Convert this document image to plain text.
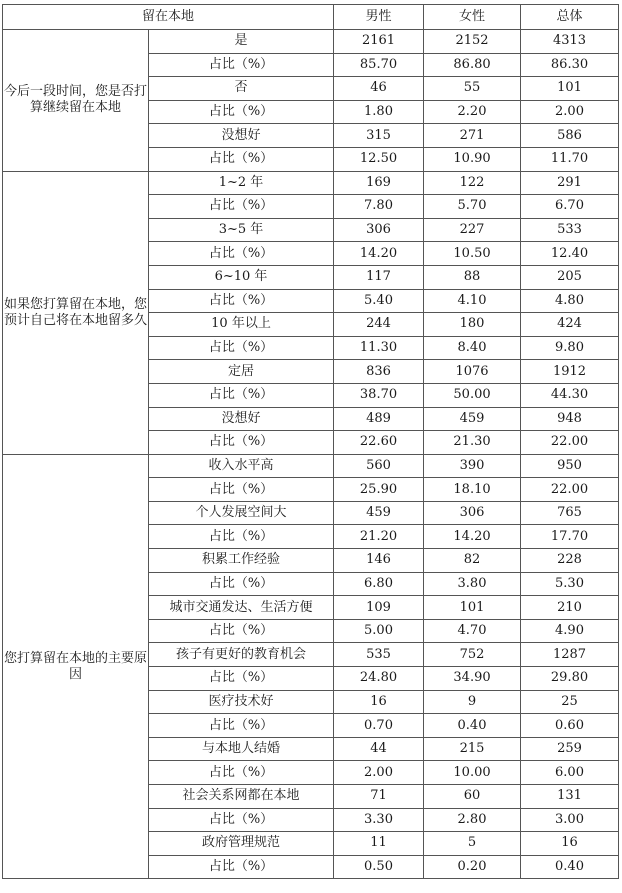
留在本地		男性	女性	总体
今后一段时间，您是否打算继续留在本地	是	2161	2152	4313
	占比（%）	85.70	86.80	86.30
	否	46	55	101
	占比（%）	1.80	2.20	2.00
	没想好	315	271	586
	占比（%）	12.50	10.90	11.70
如果您打算留在本地，您预计自己将在本地留多久	1~2 年	169	122	291
	占比（%）	7.80	5.70	6.70
	3~5 年	306	227	533
	占比（%）	14.20	10.50	12.40
	6~10 年	117	88	205
	占比（%）	5.40	4.10	4.80
	10 年以上	244	180	424
	占比（%）	11.30	8.40	9.80
	定居	836	1076	1912
	占比（%）	38.70	50.00	44.30
	没想好	489	459	948
	占比（%）	22.60	21.30	22.00
您打算留在本地的主要原因	收入水平高	560	390	950
	占比（%）	25.90	18.10	22.00
	个人发展空间大	459	306	765
	占比（%）	21.20	14.20	17.70
	积累工作经验	146	82	228
	占比（%）	6.80	3.80	5.30
	城市交通发达、生活方便	109	101	210
	占比（%）	5.00	4.70	4.90
	孩子有更好的教育机会	535	752	1287
	占比（%）	24.80	34.90	29.80
	医疗技术好	16	9	25
	占比（%）	0.70	0.40	0.60
	与本地人结婚	44	215	259
	占比（%）	2.00	10.00	6.00
	社会关系网都在本地	71	60	131
	占比（%）	3.30	2.80	3.00
	政府管理规范	11	5	16
	占比（%）	0.50	0.20	0.40
